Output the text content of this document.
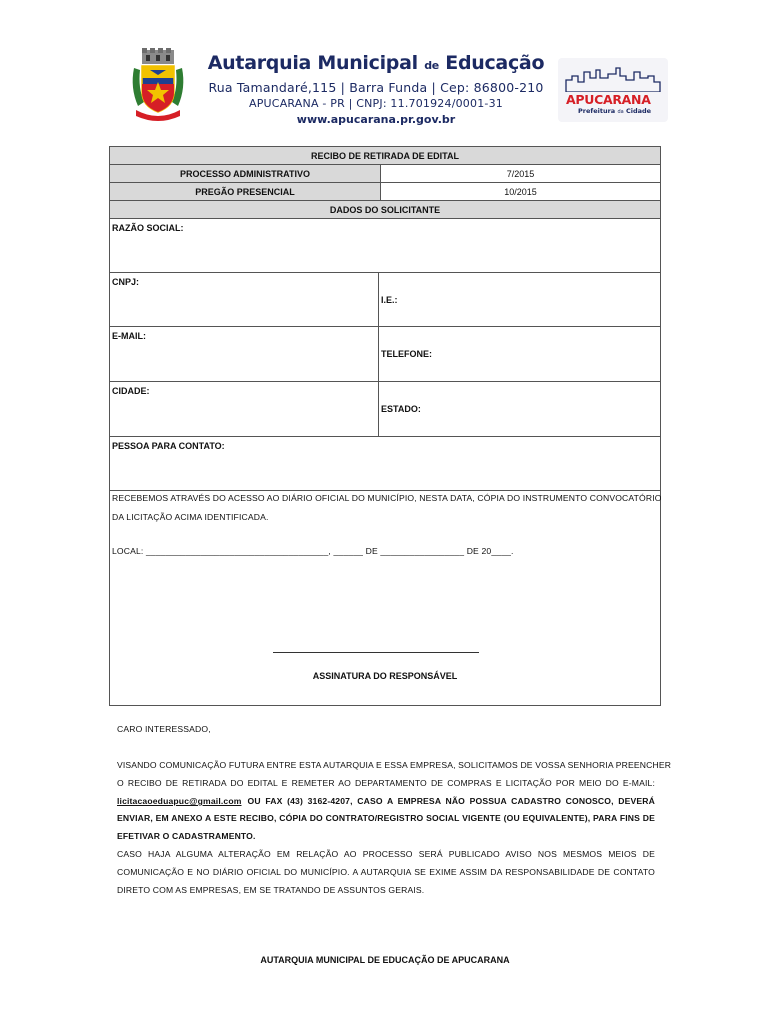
Autarquia Municipal de Educação
Rua Tamandaré,115 | Barra Funda | Cep: 86800-210
APUCARANA - PR | CNPJ: 11.701924/0001-31
www.apucarana.pr.gov.br
APUCARANA
Prefeitura da Cidade
RECIBO DE RETIRADA DE EDITAL
PROCESSO ADMINISTRATIVO	7/2015
PREGÃO PRESENCIAL	10/2015
DADOS DO SOLICITANTE
RAZÃO SOCIAL:
CNPJ:
I.E.:
E-MAIL:
TELEFONE:
CIDADE:
ESTADO:
PESSOA PARA CONTATO:
RECEBEMOS ATRAVÉS DO ACESSO AO DIÁRIO OFICIAL DO MUNICÍPIO, NESTA DATA, CÓPIA DO INSTRUMENTO CONVOCATÓRIO
DA LICITAÇÃO ACIMA IDENTIFICADA.
LOCAL: _____________________________________, ______ DE _________________ DE 20____.
ASSINATURA DO RESPONSÁVEL
CARO INTERESSADO,
VISANDO COMUNICAÇÃO FUTURA ENTRE ESTA AUTARQUIA E ESSA EMPRESA, SOLICITAMOS DE VOSSA SENHORIA PREENCHER
O RECIBO DE RETIRADA DO EDITAL E REMETER AO DEPARTAMENTO DE COMPRAS E LICITAÇÃO POR MEIO DO E-MAIL:
licitacaoeduapuc@gmail.com OU FAX (43) 3162-4207, CASO A EMPRESA NÃO POSSUA CADASTRO CONOSCO, DEVERÁ
ENVIAR, EM ANEXO A ESTE RECIBO, CÓPIA DO CONTRATO/REGISTRO SOCIAL VIGENTE (OU EQUIVALENTE), PARA FINS DE
EFETIVAR O CADASTRAMENTO.
CASO HAJA ALGUMA ALTERAÇÃO EM RELAÇÃO AO PROCESSO SERÁ PUBLICADO AVISO NOS MESMOS MEIOS DE
COMUNICAÇÃO E NO DIÁRIO OFICIAL DO MUNICÍPIO. A AUTARQUIA SE EXIME ASSIM DA RESPONSABILIDADE DE CONTATO
DIRETO COM AS EMPRESAS, EM SE TRATANDO DE ASSUNTOS GERAIS.
AUTARQUIA MUNICIPAL DE EDUCAÇÃO DE APUCARANA
